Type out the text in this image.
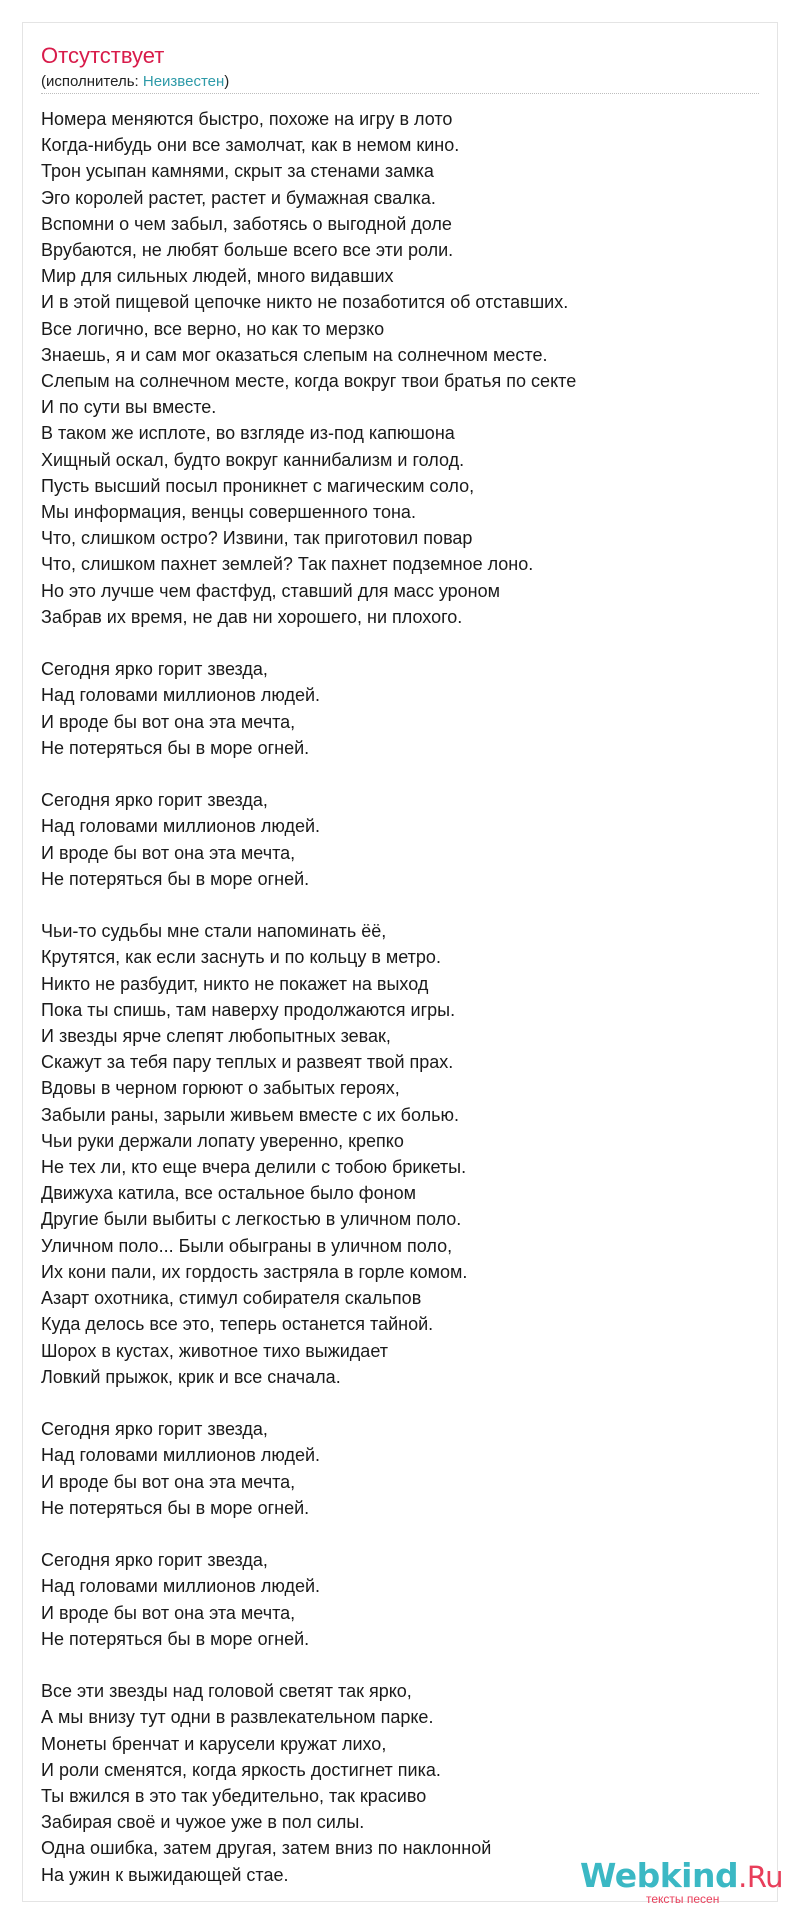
Отсутствует
(исполнитель: Неизвестен)
Номера меняются быстро, похоже на игру в лото
Когда-нибудь они все замолчат, как в немом кино.
Трон усыпан камнями, скрыт за стенами замка
Эго королей растет, растет и бумажная свалка.
Вспомни о чем забыл, заботясь о выгодной доле
Врубаются, не любят больше всего все эти роли.
Мир для сильных людей, много видавших
И в этой пищевой цепочке никто не позаботится об отставших.
Все логично, все верно, но как то мерзко
Знаешь, я и сам мог оказаться слепым на солнечном месте.
Слепым на солнечном месте, когда вокруг твои братья по секте
И по сути вы вместе.
В таком же исплоте, во взгляде из-под капюшона
Хищный оскал, будто вокруг каннибализм и голод.
Пусть высший посыл проникнет с магическим соло,
Мы информация, венцы совершенного тона.
Что, слишком остро? Извини, так приготовил повар
Что, слишком пахнет землей? Так пахнет подземное лоно.
Но это лучше чем фастфуд, ставший для масс уроном
Забрав их время, не дав ни хорошего, ни плохого.
Сегодня ярко горит звезда,
Над головами миллионов людей.
И вроде бы вот она эта мечта,
Не потеряться бы в море огней.
Сегодня ярко горит звезда,
Над головами миллионов людей.
И вроде бы вот она эта мечта,
Не потеряться бы в море огней.
Чьи-то судьбы мне стали напоминать ёё,
Крутятся, как если заснуть и по кольцу в метро.
Никто не разбудит, никто не покажет на выход
Пока ты спишь, там наверху продолжаются игры.
И звезды ярче слепят любопытных зевак,
Скажут за тебя пару теплых и развеят твой прах.
Вдовы в черном горюют о забытых героях,
Забыли раны, зарыли живьем вместе с их болью.
Чьи руки держали лопату уверенно, крепко
Не тех ли, кто еще вчера делили с тобою брикеты.
Движуха катила, все остальное было фоном
Другие были выбиты с легкостью в уличном поло.
Уличном поло... Были обыграны в уличном поло,
Их кони пали, их гордость застряла в горле комом.
Азарт охотника, стимул собирателя скальпов
Куда делось все это, теперь останется тайной.
Шорох в кустах, животное тихо выжидает
Ловкий прыжок, крик и все сначала.
Сегодня ярко горит звезда,
Над головами миллионов людей.
И вроде бы вот она эта мечта,
Не потеряться бы в море огней.
Сегодня ярко горит звезда,
Над головами миллионов людей.
И вроде бы вот она эта мечта,
Не потеряться бы в море огней.
Все эти звезды над головой светят так ярко,
А мы внизу тут одни в развлекательном парке.
Монеты бренчат и карусели кружат лихо,
И роли сменятся, когда яркость достигнет пика.
Ты вжился в это так убедительно, так красиво
Забирая своё и чужое уже в пол силы.
Одна ошибка, затем другая, затем вниз по наклонной
На ужин к выжидающей стае.	Webkind.Ru
тексты песен
